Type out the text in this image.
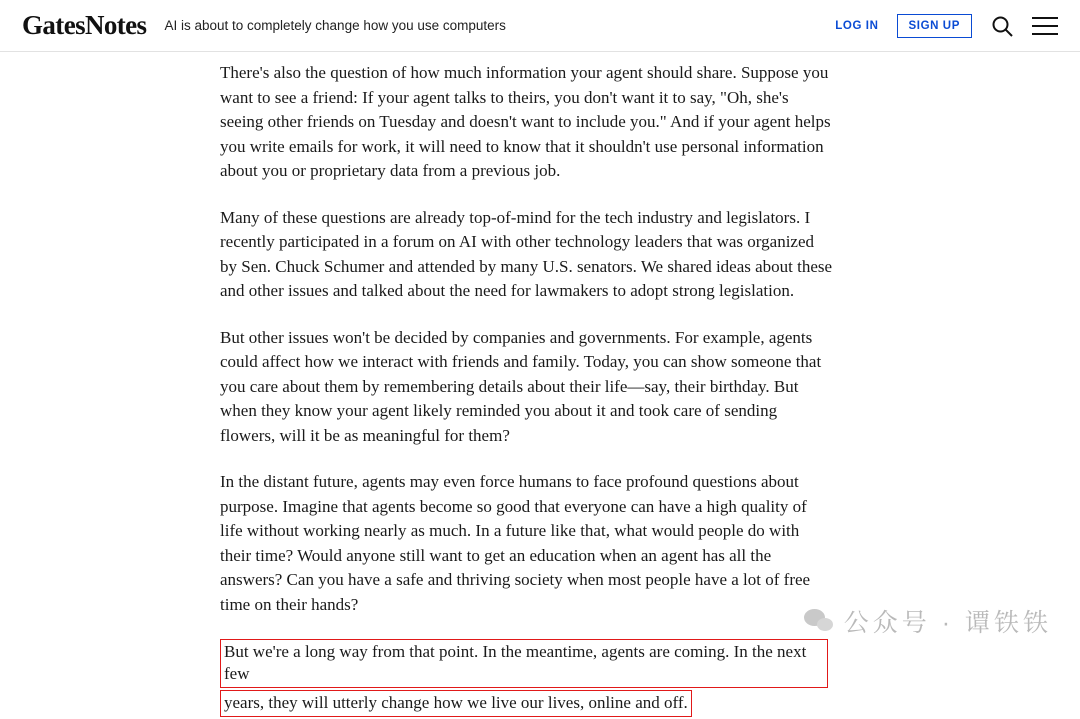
GatesNotes AI is about to completely change how you use computers	LOG IN	SIGN UP

There's also the question of how much information your agent should share. Suppose you want to see a friend: If your agent talks to theirs, you don't want it to say, "Oh, she's seeing other friends on Tuesday and doesn't want to include you." And if your agent helps you write emails for work, it will need to know that it shouldn't use personal information about you or proprietary data from a previous job.

Many of these questions are already top-of-mind for the tech industry and legislators. I recently participated in a forum on AI with other technology leaders that was organized by Sen. Chuck Schumer and attended by many U.S. senators. We shared ideas about these and other issues and talked about the need for lawmakers to adopt strong legislation.

But other issues won't be decided by companies and governments. For example, agents could affect how we interact with friends and family. Today, you can show someone that you care about them by remembering details about their life—say, their birthday. But when they know your agent likely reminded you about it and took care of sending flowers, will it be as meaningful for them?

In the distant future, agents may even force humans to face profound questions about purpose. Imagine that agents become so good that everyone can have a high quality of life without working nearly as much. In a future like that, what would people do with their time? Would anyone still want to get an education when an agent has all the answers? Can you have a safe and thriving society when most people have a lot of free time on their hands?

But we're a long way from that point. In the meantime, agents are coming. In the next few
years, they will utterly change how we live our lives, online and off.
公众号 · 谭铁铁
